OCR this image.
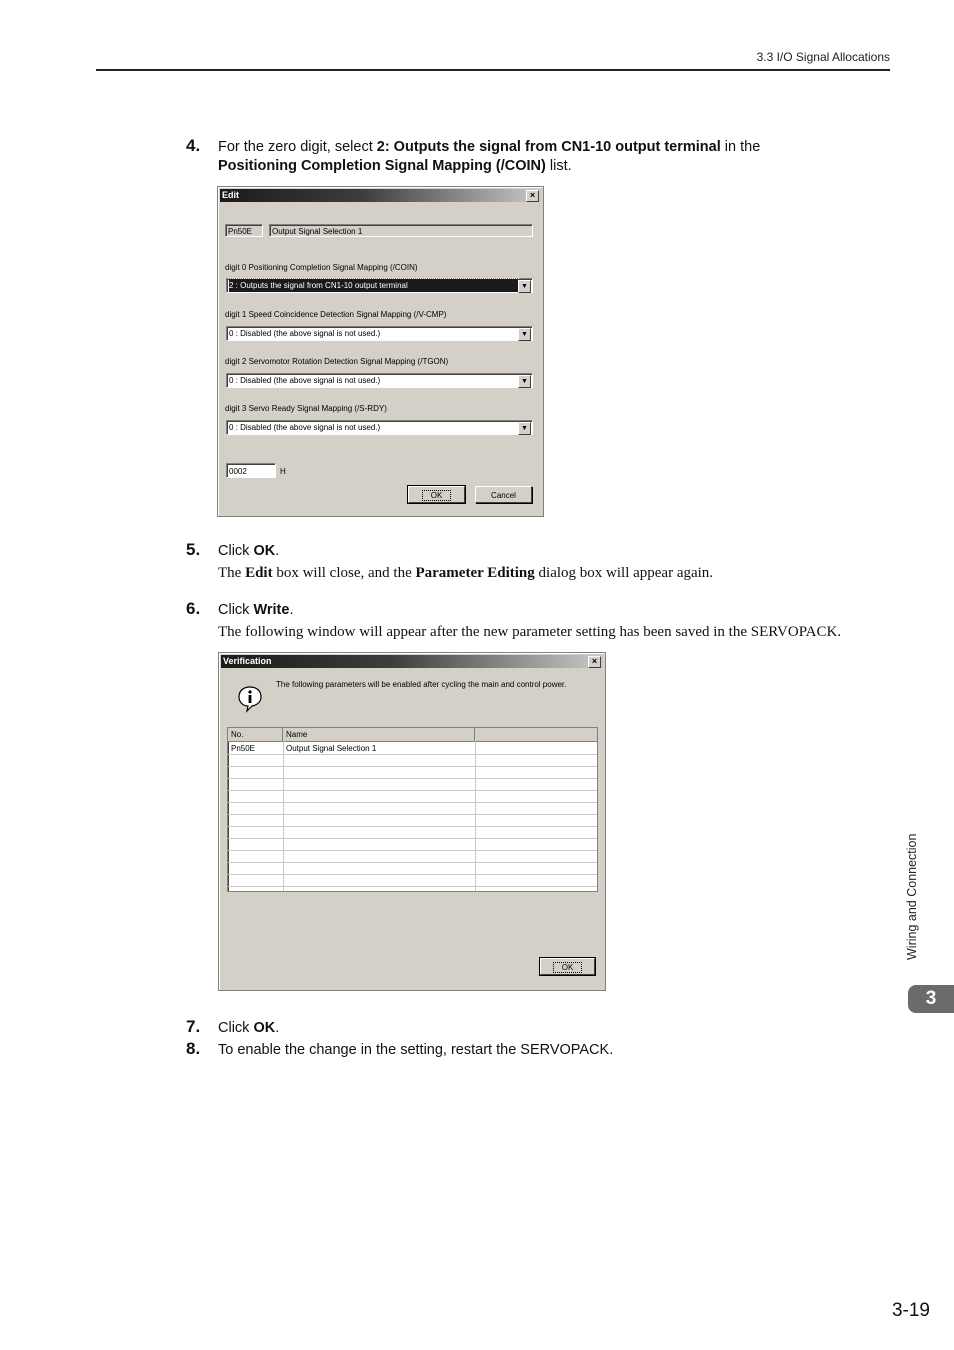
3.3 I/O Signal Allocations
4. For the zero digit, select 2: Outputs the signal from CN1-10 output terminal in the
Positioning Completion Signal Mapping (/COIN) list.
Edit	×
Pn50E	Output Signal Selection 1
digit 0 Positioning Completion Signal Mapping (/COIN)
2 : Outputs the signal from CN1-10 output terminal	▼
digit 1 Speed Coincidence Detection Signal Mapping (/V-CMP)
0 : Disabled (the above signal is not used.)	▼
digit 2 Servomotor Rotation Detection Signal Mapping (/TGON)
0 : Disabled (the above signal is not used.)	▼
digit 3 Servo Ready Signal Mapping (/S-RDY)
0 : Disabled (the above signal is not used.)	▼
0002	H
OK	Cancel
5. Click OK.
The Edit box will close, and the Parameter Editing dialog box will appear again.
6. Click Write.
The following window will appear after the new parameter setting has been saved in the SERVOPACK.
Verification	×
The following parameters will be enabled after cycling the main and control power.
No.	Name
Pn50E	Output Signal Selection 1
OK
7. Click OK.
8. To enable the change in the setting, restart the SERVOPACK.
Wiring and Connection
3
3-19
